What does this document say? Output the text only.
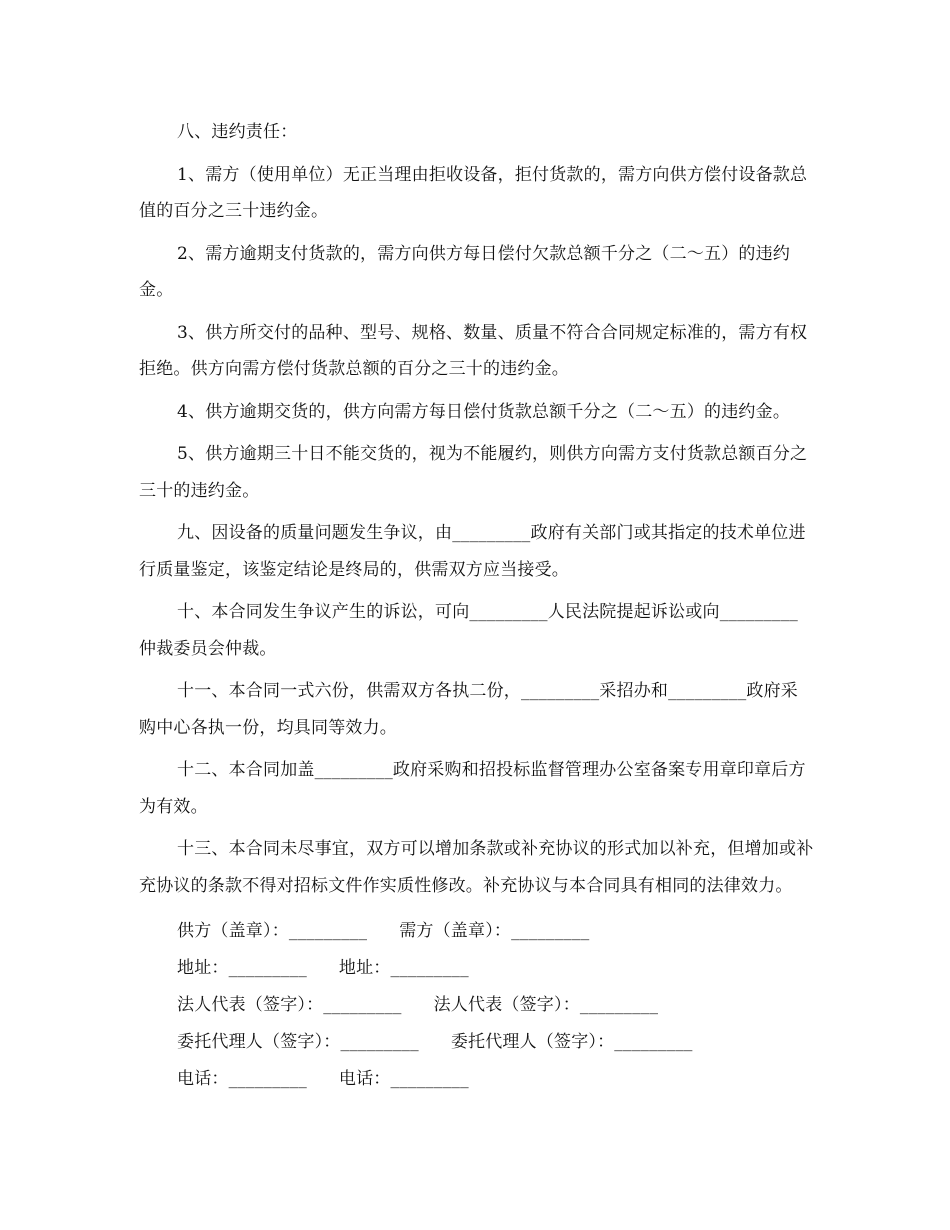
八、违约责任：

1、需方（使用单位）无正当理由拒收设备，拒付货款的，需方向供方偿付设备款总值的百分之三十违约金。

2、需方逾期支付货款的，需方向供方每日偿付欠款总额千分之（二～五）的违约金。

3、供方所交付的品种、型号、规格、数量、质量不符合合同规定标准的，需方有权拒绝。供方向需方偿付货款总额的百分之三十的违约金。

4、供方逾期交货的，供方向需方每日偿付货款总额千分之（二～五）的违约金。

5、供方逾期三十日不能交货的，视为不能履约，则供方向需方支付货款总额百分之三十的违约金。

九、因设备的质量问题发生争议，由_________政府有关部门或其指定的技术单位进行质量鉴定，该鉴定结论是终局的，供需双方应当接受。

十、本合同发生争议产生的诉讼，可向_________人民法院提起诉讼或向_________仲裁委员会仲裁。

十一、本合同一式六份，供需双方各执二份，_________采招办和_________政府采购中心各执一份，均具同等效力。

十二、本合同加盖_________政府采购和招投标监督管理办公室备案专用章印章后方为有效。

十三、本合同未尽事宜，双方可以增加条款或补充协议的形式加以补充，但增加或补充协议的条款不得对招标文件作实质性修改。补充协议与本合同具有相同的法律效力。

供方（盖章）：_________ 需方（盖章）：_________
地址：_________ 地址：_________
法人代表（签字）：_________ 法人代表（签字）：_________
委托代理人（签字）：_________ 委托代理人（签字）：_________
电话：_________ 电话：_________
